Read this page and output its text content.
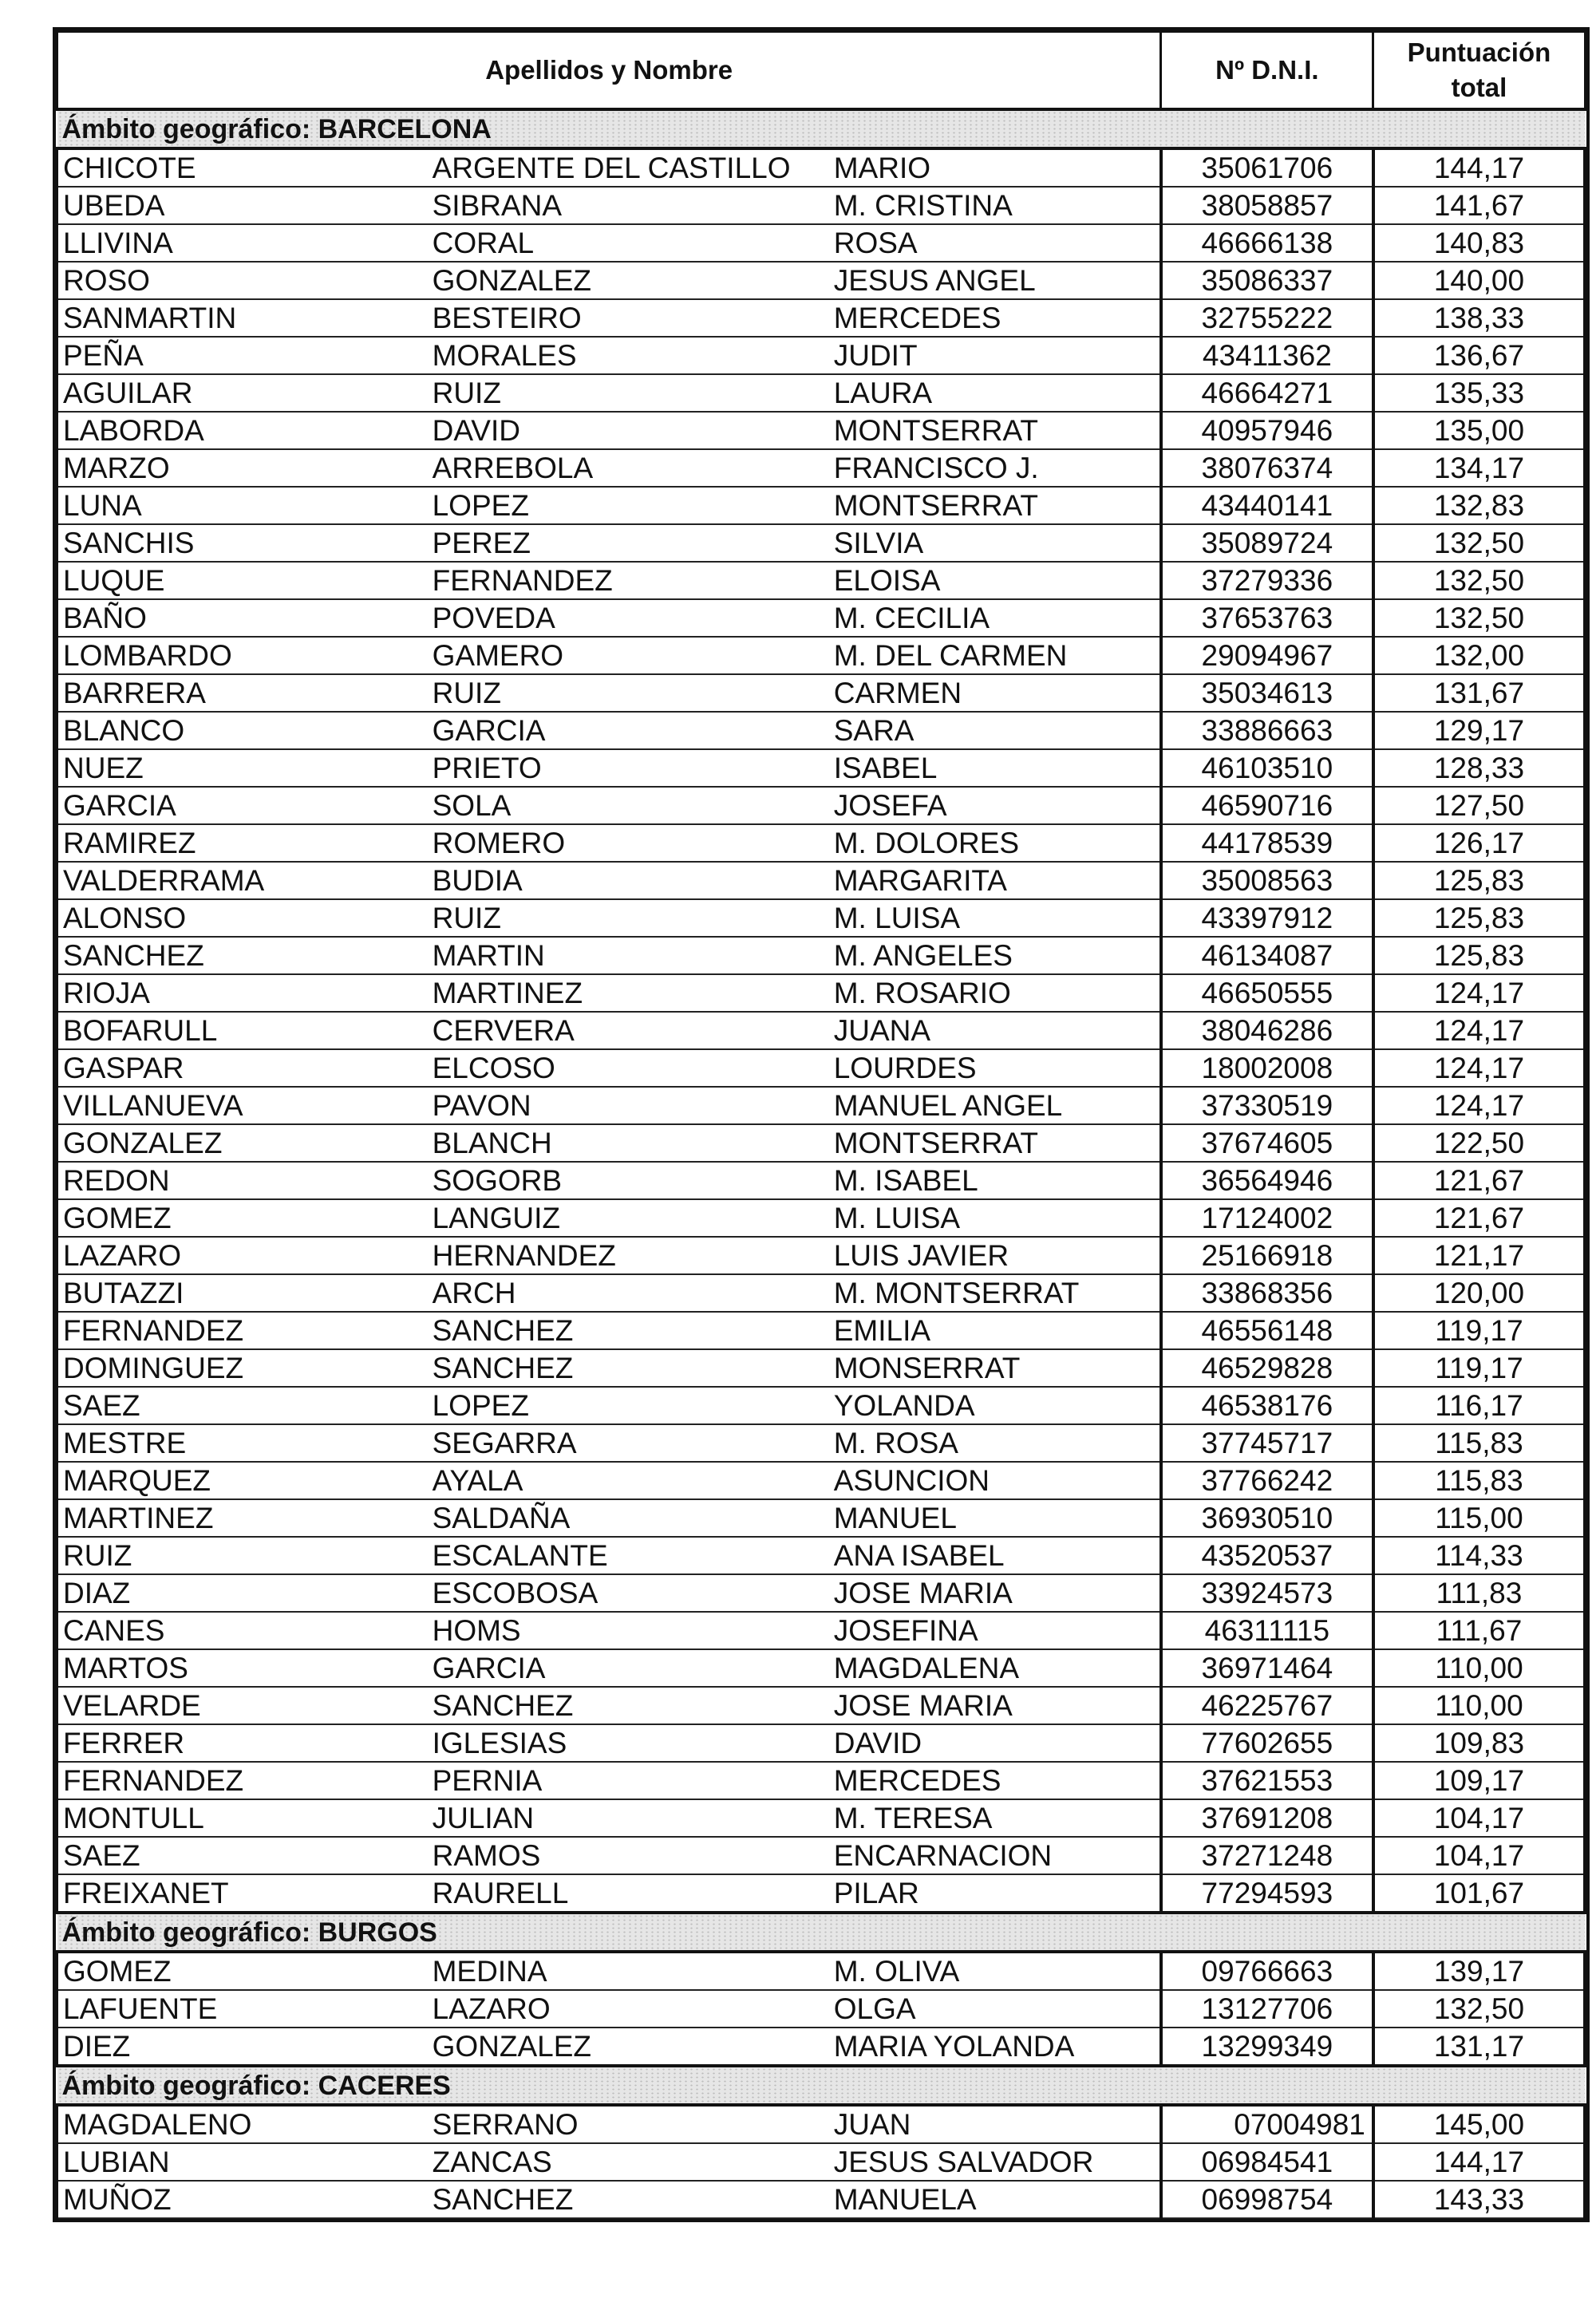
Apellidos y Nombre			Nº D.N.I.	Puntuación total
Ámbito geográfico: BARCELONA				
CHICOTE	ARGENTE DEL CASTILLO	MARIO	35061706	144,17
UBEDA	SIBRANA	M. CRISTINA	38058857	141,67
LLIVINA	CORAL	ROSA	46666138	140,83
ROSO	GONZALEZ	JESUS ANGEL	35086337	140,00
SANMARTIN	BESTEIRO	MERCEDES	32755222	138,33
PEÑA	MORALES	JUDIT	43411362	136,67
AGUILAR	RUIZ	LAURA	46664271	135,33
LABORDA	DAVID	MONTSERRAT	40957946	135,00
MARZO	ARREBOLA	FRANCISCO J.	38076374	134,17
LUNA	LOPEZ	MONTSERRAT	43440141	132,83
SANCHIS	PEREZ	SILVIA	35089724	132,50
LUQUE	FERNANDEZ	ELOISA	37279336	132,50
BAÑO	POVEDA	M. CECILIA	37653763	132,50
LOMBARDO	GAMERO	M. DEL CARMEN	29094967	132,00
BARRERA	RUIZ	CARMEN	35034613	131,67
BLANCO	GARCIA	SARA	33886663	129,17
NUEZ	PRIETO	ISABEL	46103510	128,33
GARCIA	SOLA	JOSEFA	46590716	127,50
RAMIREZ	ROMERO	M. DOLORES	44178539	126,17
VALDERRAMA	BUDIA	MARGARITA	35008563	125,83
ALONSO	RUIZ	M. LUISA	43397912	125,83
SANCHEZ	MARTIN	M. ANGELES	46134087	125,83
RIOJA	MARTINEZ	M. ROSARIO	46650555	124,17
BOFARULL	CERVERA	JUANA	38046286	124,17
GASPAR	ELCOSO	LOURDES	18002008	124,17
VILLANUEVA	PAVON	MANUEL ANGEL	37330519	124,17
GONZALEZ	BLANCH	MONTSERRAT	37674605	122,50
REDON	SOGORB	M. ISABEL	36564946	121,67
GOMEZ	LANGUIZ	M. LUISA	17124002	121,67
LAZARO	HERNANDEZ	LUIS JAVIER	25166918	121,17
BUTAZZI	ARCH	M. MONTSERRAT	33868356	120,00
FERNANDEZ	SANCHEZ	EMILIA	46556148	119,17
DOMINGUEZ	SANCHEZ	MONSERRAT	46529828	119,17
SAEZ	LOPEZ	YOLANDA	46538176	116,17
MESTRE	SEGARRA	M. ROSA	37745717	115,83
MARQUEZ	AYALA	ASUNCION	37766242	115,83
MARTINEZ	SALDAÑA	MANUEL	36930510	115,00
RUIZ	ESCALANTE	ANA ISABEL	43520537	114,33
DIAZ	ESCOBOSA	JOSE MARIA	33924573	111,83
CANES	HOMS	JOSEFINA	46311115	111,67
MARTOS	GARCIA	MAGDALENA	36971464	110,00
VELARDE	SANCHEZ	JOSE MARIA	46225767	110,00
FERRER	IGLESIAS	DAVID	77602655	109,83
FERNANDEZ	PERNIA	MERCEDES	37621553	109,17
MONTULL	JULIAN	M. TERESA	37691208	104,17
SAEZ	RAMOS	ENCARNACION	37271248	104,17
FREIXANET	RAURELL	PILAR	77294593	101,67
Ámbito geográfico: BURGOS				
GOMEZ	MEDINA	M. OLIVA	09766663	139,17
LAFUENTE	LAZARO	OLGA	13127706	132,50
DIEZ	GONZALEZ	MARIA YOLANDA	13299349	131,17
Ámbito geográfico: CACERES				
MAGDALENO	SERRANO	JUAN	07004981	145,00
LUBIAN	ZANCAS	JESUS SALVADOR	06984541	144,17
MUÑOZ	SANCHEZ	MANUELA	06998754	143,33
